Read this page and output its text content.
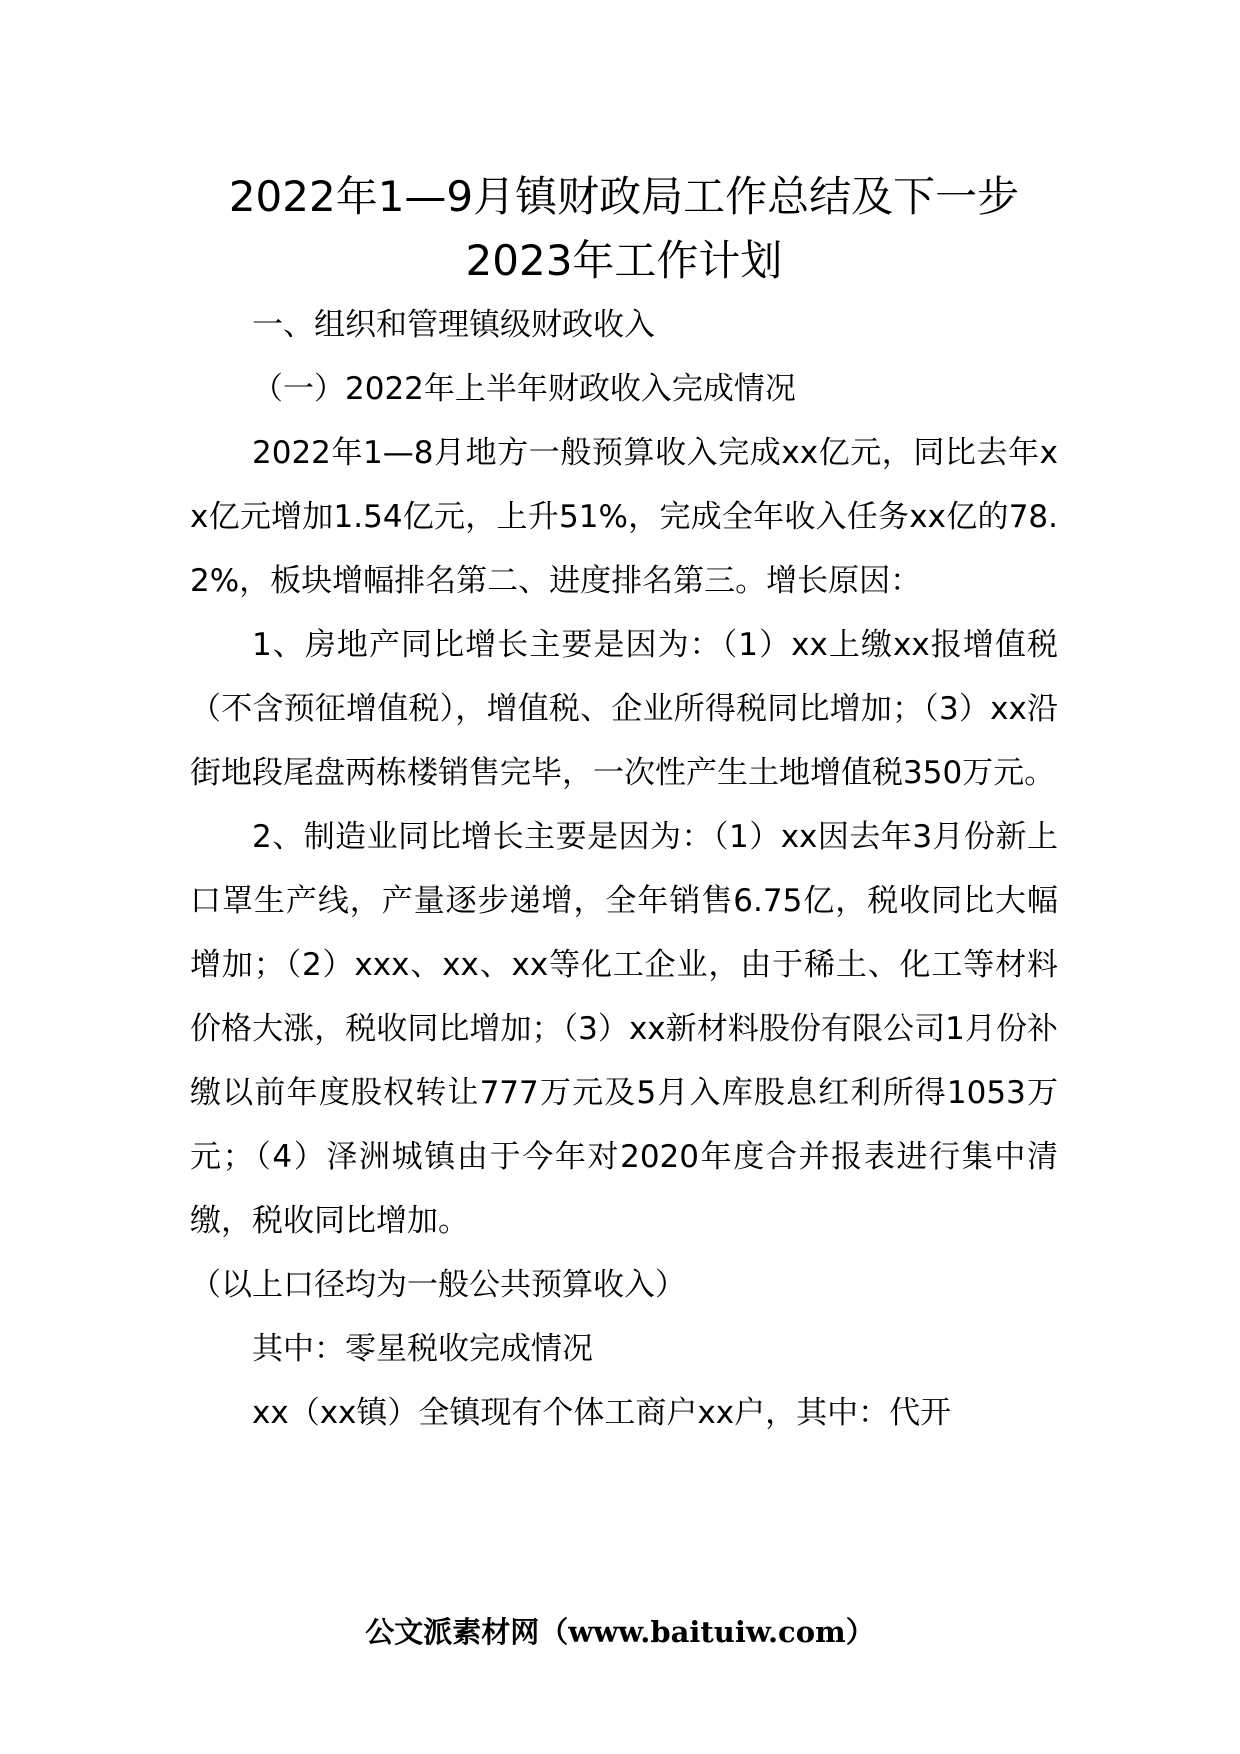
2022年1—9月镇财政局工作总结及下一步
2023年工作计划

一、组织和管理镇级财政收入

（一）2022年上半年财政收入完成情况

2022年1—8月地方一般预算收入完成xx亿元，同比去年xx亿元增加1.54亿元，上升51%，完成全年收入任务xx亿的78.2%，板块增幅排名第二、进度排名第三。增长原因：

1、房地产同比增长主要是因为：（1）xx上缴xx报增值税（不含预征增值税），增值税、企业所得税同比增加；（3）xx沿街地段尾盘两栋楼销售完毕，一次性产生土地增值税350万元。

2、制造业同比增长主要是因为：（1）xx因去年3月份新上口罩生产线，产量逐步递增，全年销售6.75亿，税收同比大幅增加；（2）xxx、xx、xx等化工企业，由于稀土、化工等材料价格大涨，税收同比增加；（3）xx新材料股份有限公司1月份补缴以前年度股权转让777万元及5月入库股息红利所得1053万元；（4）泽洲城镇由于今年对2020年度合并报表进行集中清缴，税收同比增加。

（以上口径均为一般公共预算收入）

其中：零星税收完成情况

xx（xx镇）全镇现有个体工商户xx户，其中：代开

公文派素材网（www.baituiw.com）
